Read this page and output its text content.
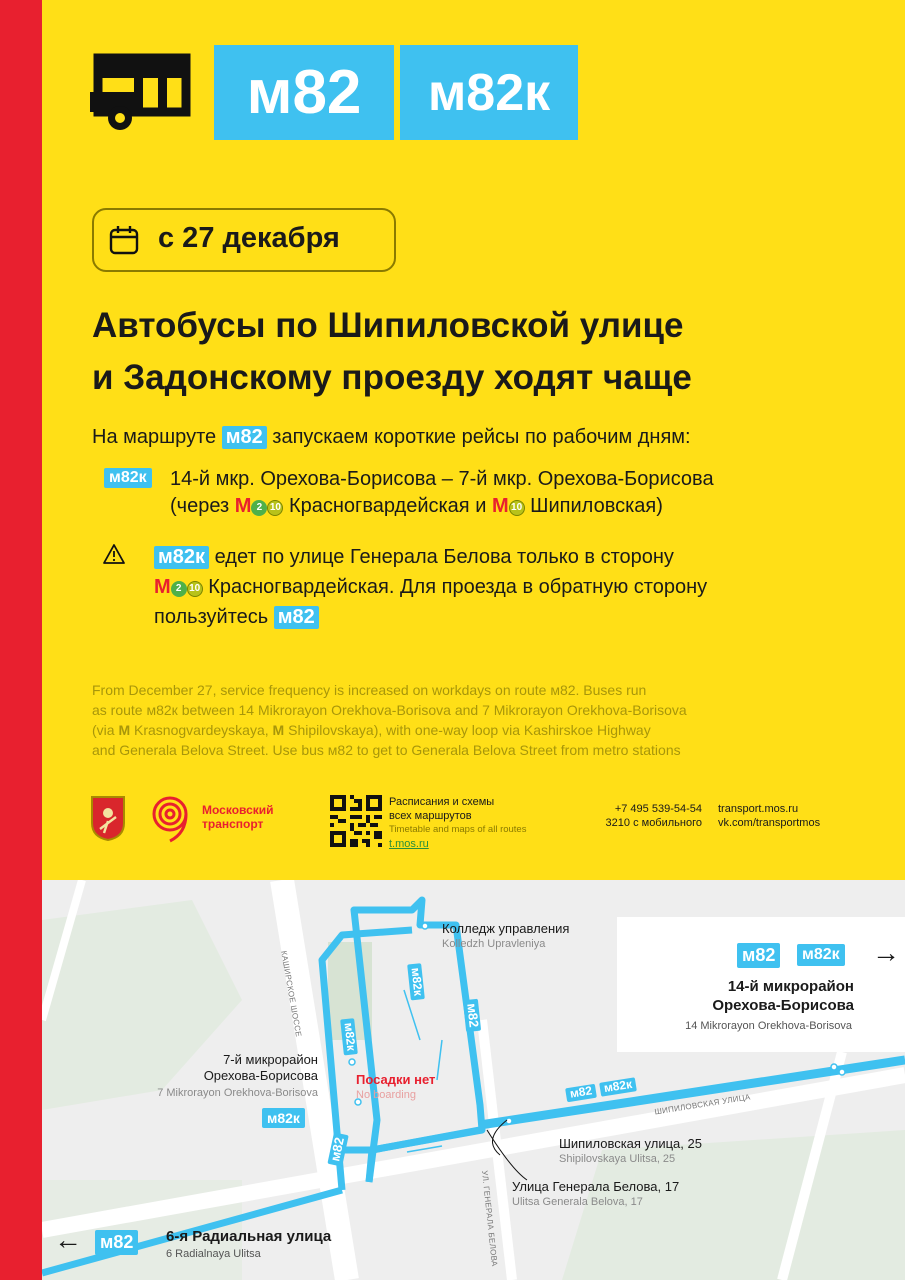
м82	м82к
с 27 декабря
Автобусы по Шипиловской улице
и Задонскому проезду ходят чаще
На маршруте м82 запускаем короткие рейсы по рабочим дням:
м82к 14-й мкр. Орехова-Борисова – 7-й мкр. Орехова-Борисова
(через М 2 10 Красногвардейская и М 10 Шипиловская)
м82к едет по улице Генерала Белова только в сторону
М 2 10 Красногвардейская. Для проезда в обратную сторону
пользуйтесь м82
From December 27, service frequency is increased on workdays on route м82. Buses run
as route м82к between 14 Mikrorayon Orekhova-Borisova and 7 Mikrorayon Orekhova-Borisova
(via М Krasnogvardeyskaya, М Shipilovskaya), with one-way loop via Kashirskoe Highway
and Generala Belova Street. Use bus м82 to get to Generala Belova Street from metro stations
Московский
транспорт
Расписания и схемы
всех маршрутов
Timetable and maps of all routes
t.mos.ru
+7 495 539-54-54
3210 с мобильного
transport.mos.ru
vk.com/transportmos
КАШИРСКОЕ ШОССЕ
ШИПИЛОВСКАЯ УЛИЦА
УЛ. ГЕНЕРАЛА БЕЛОВА
м82к
м82к
м82
м82
м82 м82к
м82к
м82	м82к →
14-й микрорайон
Орехова-Борисова
14 Mikrorayon Orekhova-Borisova
Колледж управления
Kolledzh Upravleniya
7-й микрорайон
Орехова-Борисова
7 Mikrorayon Orekhova-Borisova
Посадки нет
No boarding
Шипиловская улица, 25
Shipilovskaya Ulitsa, 25
Улица Генерала Белова, 17
Ulitsa Generala Belova, 17
← м82	6-я Радиальная улица
6 Radialnaya Ulitsa
